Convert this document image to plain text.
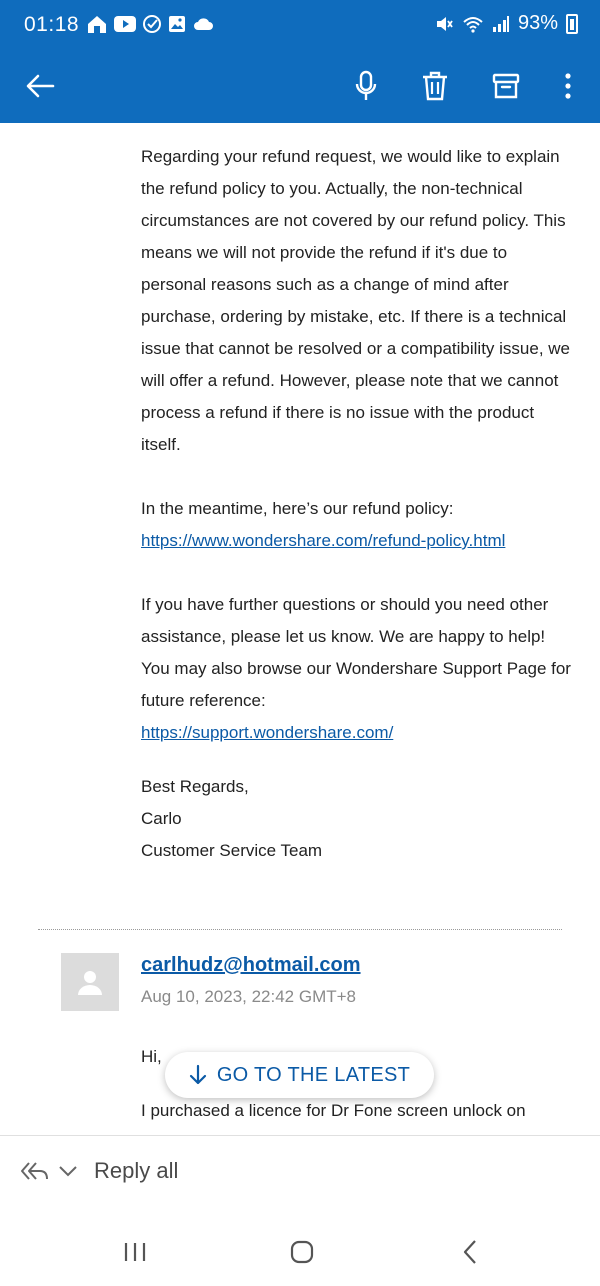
01:18	93%

Regarding your refund request, we would like to explain the refund policy to you. Actually, the non-technical circumstances are not covered by our refund policy. This means we will not provide the refund if it's due to personal reasons such as a change of mind after purchase, ordering by mistake, etc. If there is a technical issue that cannot be resolved or a compatibility issue, we will offer a refund. However, please note that we cannot process a refund if there is no issue with the product itself.

In the meantime, here’s our refund policy:
https://www.wondershare.com/refund-policy.html

If you have further questions or should you need other assistance, please let us know. We are happy to help! You may also browse our Wondershare Support Page for future reference:
https://support.wondershare.com/

Best Regards,
Carlo
Customer Service Team
carlhudz@hotmail.com
Aug 10, 2023, 22:42 GMT+8
Hi,
I purchased a licence for Dr Fone screen unlock on
GO TO THE LATEST
Reply all
